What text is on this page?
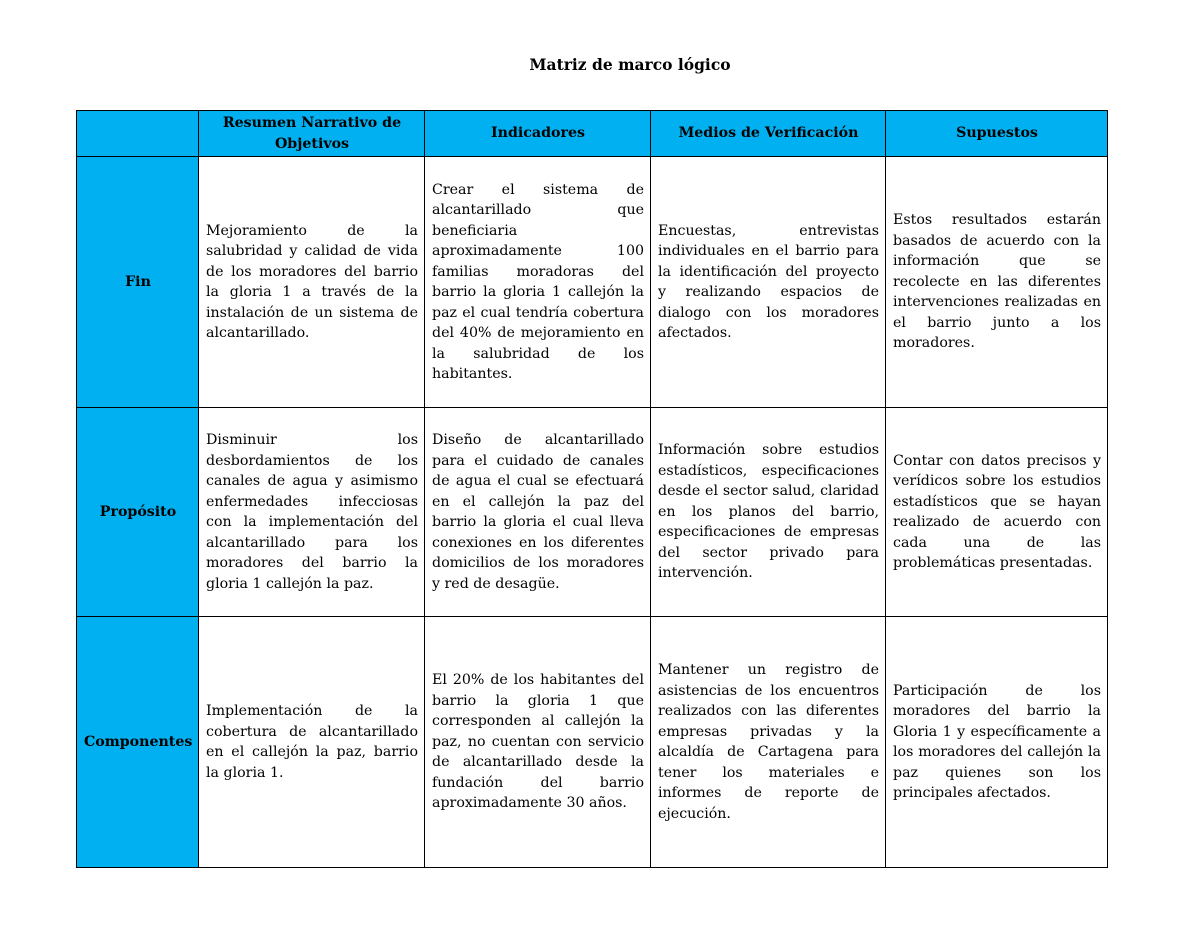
Matriz de marco lógico
	Resumen Narrativo de Objetivos	Indicadores	Medios de Verificación	Supuestos
Fin	Mejoramiento de la salubridad y calidad de vida de los moradores del barrio la gloria 1 a través de la instalación de un sistema de alcantarillado.	Crear el sistema de alcantarillado que beneficiaria aproximadamente 100 familias moradoras del barrio la gloria 1 callejón la paz el cual tendría cobertura del 40% de mejoramiento en la salubridad de los habitantes.	Encuestas, entrevistas individuales en el barrio para la identificación del proyecto y realizando espacios de dialogo con los moradores afectados.	Estos resultados estarán basados de acuerdo con la información que se recolecte en las diferentes intervenciones realizadas en el barrio junto a los moradores.
Propósito	Disminuir los desbordamientos de los canales de agua y asimismo enfermedades infecciosas con la implementación del alcantarillado para los moradores del barrio la gloria 1 callejón la paz.	Diseño de alcantarillado para el cuidado de canales de agua el cual se efectuará en el callejón la paz del barrio la gloria el cual lleva conexiones en los diferentes domicilios de los moradores y red de desagüe.	Información sobre estudios estadísticos, especificaciones desde el sector salud, claridad en los planos del barrio, especificaciones de empresas del sector privado para intervención.	Contar con datos precisos y verídicos sobre los estudios estadísticos que se hayan realizado de acuerdo con cada una de las problemáticas presentadas.
Componentes	Implementación de la cobertura de alcantarillado en el callejón la paz, barrio la gloria 1.	El 20% de los habitantes del barrio la gloria 1 que corresponden al callejón la paz, no cuentan con servicio de alcantarillado desde la fundación del barrio aproximadamente 30 años.	Mantener un registro de asistencias de los encuentros realizados con las diferentes empresas privadas y la alcaldía de Cartagena para tener los materiales e informes de reporte de ejecución.	Participación de los moradores del barrio la Gloria 1 y específicamente a los moradores del callejón la paz quienes son los principales afectados.
